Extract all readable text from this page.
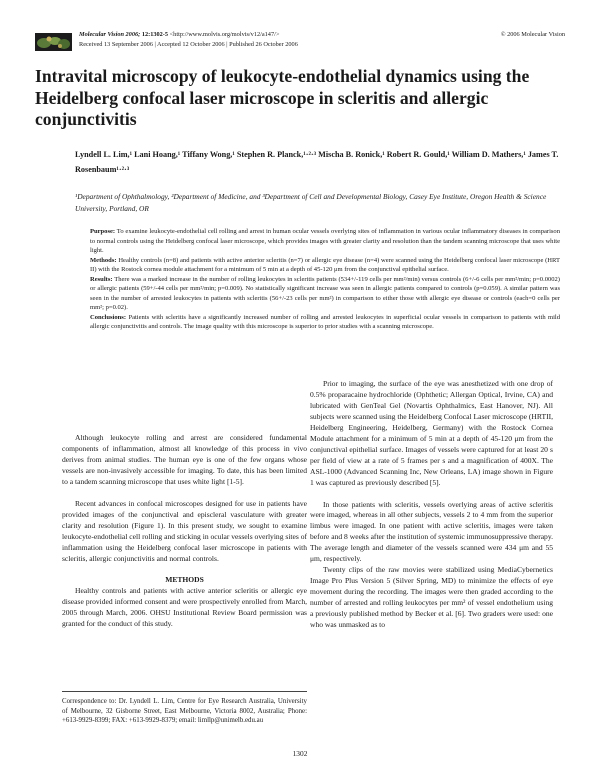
Molecular Vision 2006; 12:1302-5 <http://www.molvis.org/molvis/v12/a147/>
Received 13 September 2006 | Accepted 12 October 2006 | Published 26 October 2006
© 2006 Molecular Vision
Intravital microscopy of leukocyte-endothelial dynamics using the Heidelberg confocal laser microscope in scleritis and allergic conjunctivitis
Lyndell L. Lim,¹ Lani Hoang,¹ Tiffany Wong,¹ Stephen R. Planck,¹·²·³ Mischa B. Ronick,¹ Robert R. Gould,¹ William D. Mathers,¹ James T. Rosenbaum¹·²·³
¹Department of Ophthalmology, ²Department of Medicine, and ³Department of Cell and Developmental Biology, Casey Eye Institute, Oregon Health & Science University, Portland, OR

Purpose: To examine leukocyte-endothelial cell rolling and arrest in human ocular vessels overlying sites of inflammation in various ocular inflammatory diseases in comparison to normal controls using the Heidelberg confocal laser microscope, which provides images with greater clarity and resolution than the tandem scanning microscope that uses white light.

Methods: Healthy controls (n=8) and patients with active anterior scleritis (n=7) or allergic eye disease (n=4) were scanned using the Heidelberg confocal laser microscope (HRT II) with the Rostock cornea module attachment for a minimum of 5 min at a depth of 45-120 μm from the conjunctival epithelial surface.

Results: There was a marked increase in the number of rolling leukocytes in scleritis patients (534+/-119 cells per mm²/min) versus controls (6+/-6 cells per mm²/min; p=0.0002) or allergic patients (59+/-44 cells per mm²/min; p=0.009). No statistically significant increase was seen in allergic patients compared to controls (p=0.059). A similar pattern was seen in the number of arrested leukocytes in patients with scleritis (56+/-23 cells per mm²) in comparison to either those with allergic eye disease or controls (each=0 cells per mm²; p=0.02).

Conclusions: Patients with scleritis have a significantly increased number of rolling and arrested leukocytes in superficial ocular vessels in comparison to patients with mild allergic conjunctivitis and controls. The image quality with this microscope is superior to prior studies with a scanning microscope.

Although leukocyte rolling and arrest are considered fundamental components of inflammation, almost all knowledge of this process in vivo derives from animal studies. The human eye is one of the few organs whose vessels are non-invasively accessible for imaging. To date, this has been limited to a tandem scanning microscope that uses white light [1-5].

Recent advances in confocal microscopes designed for use in patients have provided images of the conjunctival and episcleral vasculature with greater clarity and resolution (Figure 1). In this present study, we sought to examine leukocyte-endothelial cell rolling and sticking in ocular vessels overlying sites of inflammation using the Heidelberg confocal laser microscope in patients with scleritis, allergic conjunctivitis and normal controls.

METHODS

Healthy controls and patients with active anterior scleritis or allergic eye disease provided informed consent and were prospectively enrolled from March, 2005 through March, 2006. OHSU Institutional Review Board permission was granted for the conduct of this study.

Correspondence to: Dr. Lyndell L. Lim, Centre for Eye Research Australia, University of Melbourne, 32 Gisborne Street, East Melbourne, Victoria 8002, Australia; Phone: +613-9929-8399; FAX: +613-9929-8379; email: limllp@unimelb.edu.au

Prior to imaging, the surface of the eye was anesthetized with one drop of 0.5% proparacaine hydrochloride (Ophthetic; Allergan Optical, Irvine, CA) and lubricated with GenTeal Gel (Novartis Ophthalmics, East Hanover, NJ). All subjects were scanned using the Heidelberg Confocal Laser microscope (HRTII, Heidelberg Engineering, Heidelberg, Germany) with the Rostock Cornea Module attachment for a minimum of 5 min at a depth of 45-120 μm from the conjunctival epithelial surface. Images of vessels were captured for at least 20 s per field of view at a rate of 5 frames per s and a magnification of 400X. The ASL-1000 (Advanced Scanning Inc, New Orleans, LA) image shown in Figure 1 was captured as previously described [5].

In those patients with scleritis, vessels overlying areas of active scleritis were imaged, whereas in all other subjects, vessels 2 to 4 mm from the superior limbus were imaged. In one patient with active scleritis, images were taken before and 8 weeks after the institution of systemic immunosuppressive therapy. The average length and diameter of the vessels scanned were 434 μm and 55 μm, respectively.

Twenty clips of the raw movies were stabilized using MediaCybernetics Image Pro Plus Version 5 (Silver Spring, MD) to minimize the effects of eye movement during the recording. The images were then graded according to the number of arrested and rolling leukocytes per mm² of vessel endothelium using a previously published method by Becker et al. [6]. Two graders were used: one who was unmasked as to

1302
